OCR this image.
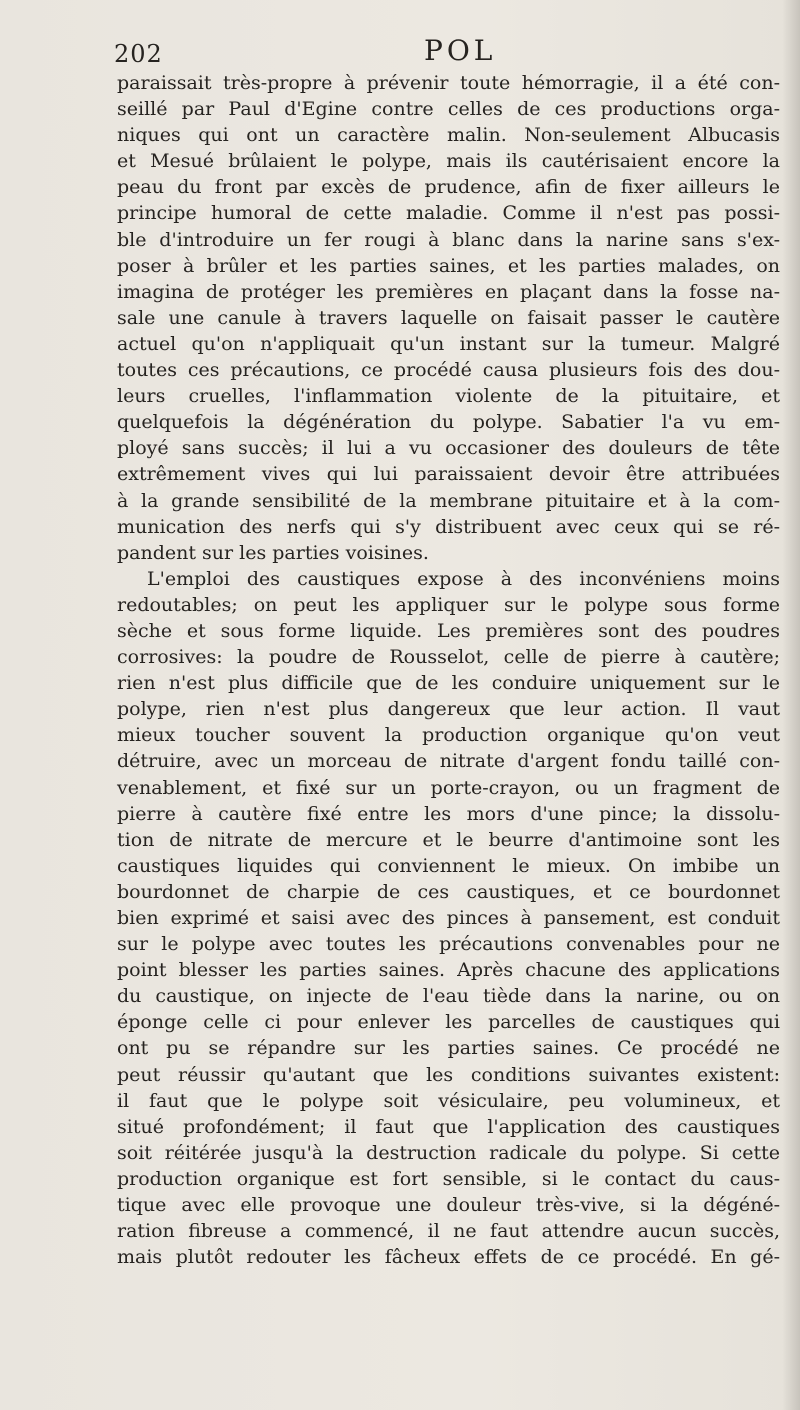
202	POL
paraissait très-propre à prévenir toute hémorragie, il a été con-
seillé par Paul d'Egine contre celles de ces productions orga-
niques qui ont un caractère malin. Non-seulement Albucasis
et Mesué brûlaient le polype, mais ils cautérisaient encore la
peau du front par excès de prudence, afin de fixer ailleurs le
principe humoral de cette maladie. Comme il n'est pas possi-
ble d'introduire un fer rougi à blanc dans la narine sans s'ex-
poser à brûler et les parties saines, et les parties malades, on
imagina de protéger les premières en plaçant dans la fosse na-
sale une canule à travers laquelle on faisait passer le cautère
actuel qu'on n'appliquait qu'un instant sur la tumeur. Malgré
toutes ces précautions, ce procédé causa plusieurs fois des dou-
leurs cruelles, l'inflammation violente de la pituitaire, et
quelquefois la dégénération du polype. Sabatier l'a vu em-
ployé sans succès; il lui a vu occasioner des douleurs de tête
extrêmement vives qui lui paraissaient devoir être attribuées
à la grande sensibilité de la membrane pituitaire et à la com-
munication des nerfs qui s'y distribuent avec ceux qui se ré-
pandent sur les parties voisines.
L'emploi des caustiques expose à des inconvéniens moins
redoutables; on peut les appliquer sur le polype sous forme
sèche et sous forme liquide. Les premières sont des poudres
corrosives: la poudre de Rousselot, celle de pierre à cautère;
rien n'est plus difficile que de les conduire uniquement sur le
polype, rien n'est plus dangereux que leur action. Il vaut
mieux toucher souvent la production organique qu'on veut
détruire, avec un morceau de nitrate d'argent fondu taillé con-
venablement, et fixé sur un porte-crayon, ou un fragment de
pierre à cautère fixé entre les mors d'une pince; la dissolu-
tion de nitrate de mercure et le beurre d'antimoine sont les
caustiques liquides qui conviennent le mieux. On imbibe un
bourdonnet de charpie de ces caustiques, et ce bourdonnet
bien exprimé et saisi avec des pinces à pansement, est conduit
sur le polype avec toutes les précautions convenables pour ne
point blesser les parties saines. Après chacune des applications
du caustique, on injecte de l'eau tiède dans la narine, ou on
éponge celle ci pour enlever les parcelles de caustiques qui
ont pu se répandre sur les parties saines. Ce procédé ne
peut réussir qu'autant que les conditions suivantes existent:
il faut que le polype soit vésiculaire, peu volumineux, et
situé profondément; il faut que l'application des caustiques
soit réitérée jusqu'à la destruction radicale du polype. Si cette
production organique est fort sensible, si le contact du caus-
tique avec elle provoque une douleur très-vive, si la dégéné-
ration fibreuse a commencé, il ne faut attendre aucun succès,
mais plutôt redouter les fâcheux effets de ce procédé. En gé-
